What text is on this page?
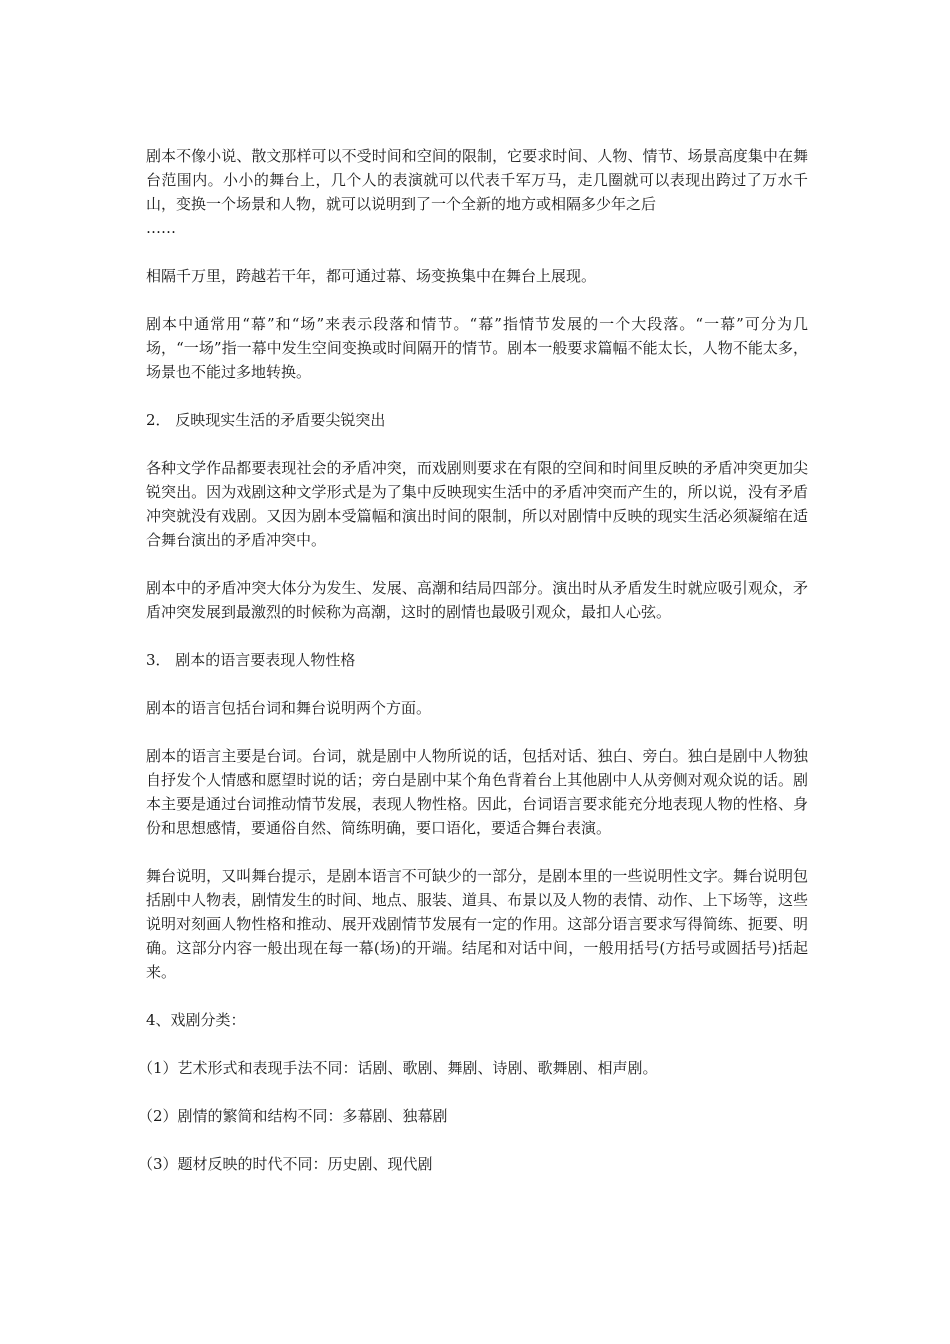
剧本不像小说、散文那样可以不受时间和空间的限制，它要求时间、人物、情节、场景高度集中在舞台范围内。小小的舞台上，几个人的表演就可以代表千军万马，走几圈就可以表现出跨过了万水千山，变换一个场景和人物，就可以说明到了一个全新的地方或相隔多少年之后

……

相隔千万里，跨越若干年，都可通过幕、场变换集中在舞台上展现。

剧本中通常用“幕”和“场”来表示段落和情节。“幕”指情节发展的一个大段落。“一幕”可分为几场，“一场”指一幕中发生空间变换或时间隔开的情节。剧本一般要求篇幅不能太长，人物不能太多，场景也不能过多地转换。

2． 反映现实生活的矛盾要尖锐突出

各种文学作品都要表现社会的矛盾冲突，而戏剧则要求在有限的空间和时间里反映的矛盾冲突更加尖锐突出。因为戏剧这种文学形式是为了集中反映现实生活中的矛盾冲突而产生的，所以说，没有矛盾冲突就没有戏剧。又因为剧本受篇幅和演出时间的限制，所以对剧情中反映的现实生活必须凝缩在适合舞台演出的矛盾冲突中。

剧本中的矛盾冲突大体分为发生、发展、高潮和结局四部分。演出时从矛盾发生时就应吸引观众，矛盾冲突发展到最激烈的时候称为高潮，这时的剧情也最吸引观众，最扣人心弦。

3． 剧本的语言要表现人物性格

剧本的语言包括台词和舞台说明两个方面。

剧本的语言主要是台词。台词，就是剧中人物所说的话，包括对话、独白、旁白。独白是剧中人物独自抒发个人情感和愿望时说的话；旁白是剧中某个角色背着台上其他剧中人从旁侧对观众说的话。剧本主要是通过台词推动情节发展，表现人物性格。因此，台词语言要求能充分地表现人物的性格、身份和思想感情，要通俗自然、简练明确，要口语化，要适合舞台表演。

舞台说明，又叫舞台提示，是剧本语言不可缺少的一部分，是剧本里的一些说明性文字。舞台说明包括剧中人物表，剧情发生的时间、地点、服装、道具、布景以及人物的表情、动作、上下场等，这些说明对刻画人物性格和推动、展开戏剧情节发展有一定的作用。这部分语言要求写得简练、扼要、明确。这部分内容一般出现在每一幕(场)的开端。结尾和对话中间，一般用括号(方括号或圆括号)括起来。

4、戏剧分类：

（1）艺术形式和表现手法不同：话剧、歌剧、舞剧、诗剧、歌舞剧、相声剧。

（2）剧情的繁简和结构不同：多幕剧、独幕剧

（3）题材反映的时代不同：历史剧、现代剧
